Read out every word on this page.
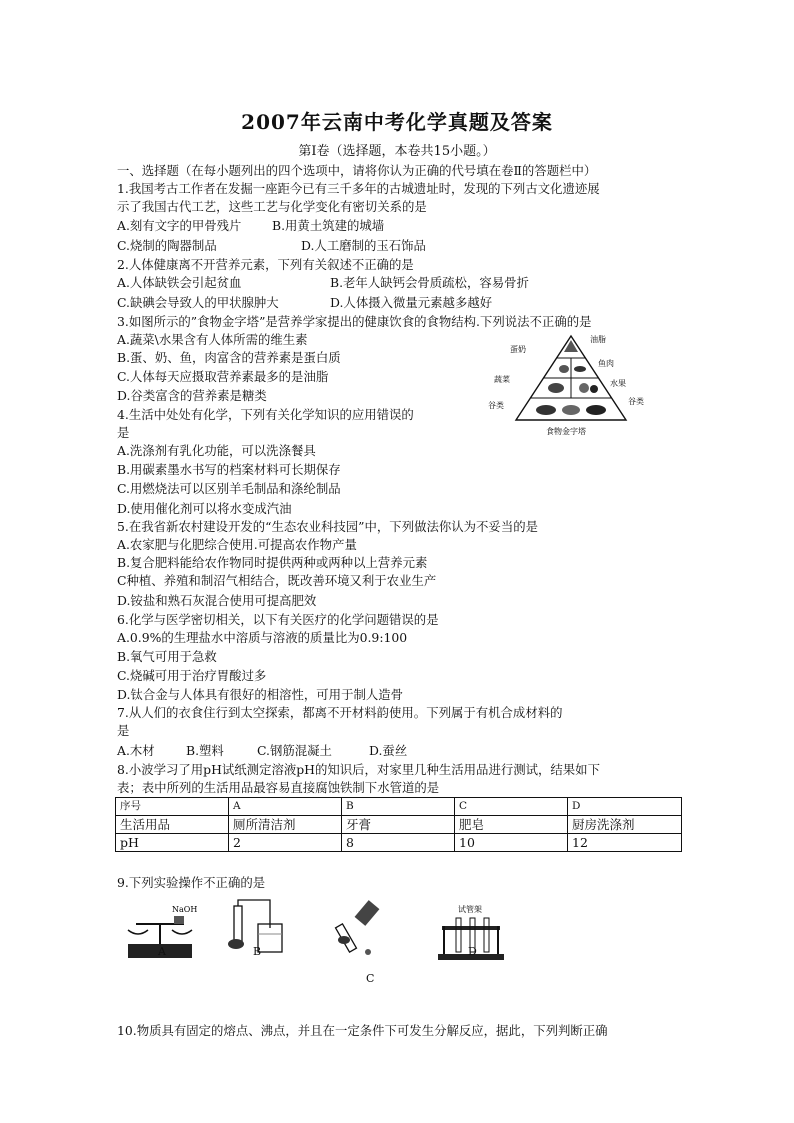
2007年云南中考化学真题及答案
第Ⅰ卷（选择题，本卷共15小题。）
一、选择题（在每小题列出的四个选项中，请将你认为正确的代号填在卷Ⅱ的答题栏中）
1.我国考古工作者在发掘一座距今已有三千多年的古城遗址时，发现的下列古文化遗迹展
示了我国古代工艺，这些工艺与化学变化有密切关系的是
A.刻有文字的甲骨残片 B.用黄土筑建的城墙
C.烧制的陶器制品	D.人工磨制的玉石饰品
2.人体健康离不开营养元素，下列有关叙述不正确的是
A.人体缺铁会引起贫血	B.老年人缺钙会骨质疏松，容易骨折
C.缺碘会导致人的甲状腺肿大	D.人体摄入微量元素越多越好
3.如图所示的”食物金字塔”是营养学家提出的健康饮食的食物结构.下列说法不正确的是
A.蔬菜\水果含有人体所需的维生素
B.蛋、奶、鱼，肉富含的营养素是蛋白质
C.人体每天应摄取营养素最多的是油脂
D.谷类富含的营养素是糖类
油脂
蛋奶
鱼肉
蔬菜	水果
谷类	谷类
食物金字塔
4.生活中处处有化学，下列有关化学知识的应用错误的
是
A.洗涤剂有乳化功能，可以洗涤餐具
B.用碳素墨水书写的档案材料可长期保存
C.用燃烧法可以区别羊毛制品和涤纶制品
D.使用催化剂可以将水变成汽油
5.在我省新农村建设开发的“生态农业科技园”中，下列做法你认为不妥当的是
A.农家肥与化肥综合使用.可提高农作物产量
B.复合肥料能给农作物同时提供两种或两种以上营养元素
C种植、养殖和制沼气相结合，既改善环境又利于农业生产
D.铵盐和熟石灰混合使用可提高肥效
6.化学与医学密切相关，以下有关医疗的化学问题错误的是
A.0.9%的生理盐水中溶质与溶液的质量比为0.9:100
B.氧气可用于急救
C.烧碱可用于治疗胃酸过多
D.钛合金与人体具有很好的相溶性，可用于制人造骨
7.从人们的衣食住行到太空探索，都离不开材料韵使用。下列属于有机合成材料的
是
A.木材	B.塑料	C.钢筋混凝土	D.蚕丝
8.小波学习了用pH试纸测定溶液pH的知识后，对家里几种生活用品进行测试，结果如下
表；表中所列的生活用品最容易直接腐蚀铁制下水管道的是
序号	A	B	C	D
生活用品	厕所清洁剂	牙膏	肥皂	厨房洗涤剂
pH	2	8	10	12
9.下列实验操作不正确的是
NaOH
A	B
C
试管架
D
10.物质具有固定的熔点、沸点，并且在一定条件下可发生分解反应，据此，下列判断正确
